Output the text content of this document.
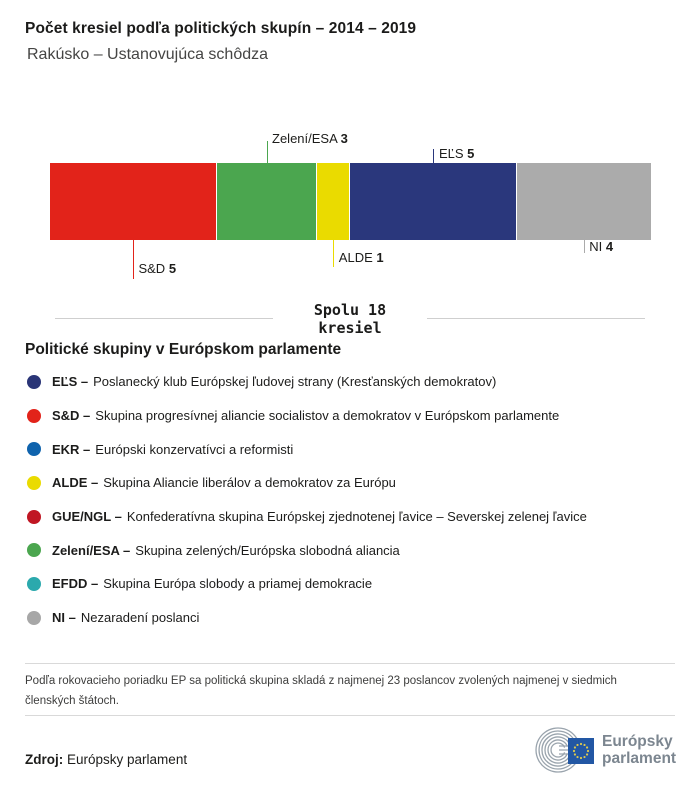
Počet kresiel podľa politických skupín – 2014 – 2019
Rakúsko – Ustanovujúca schôdza
S&D 5
Zelení/ESA 3
ALDE 1
EĽS 5
NI 4
Spolu 18
kresiel
Politické skupiny v Európskom parlamente
EĽS – Poslanecký klub Európskej ľudovej strany (Kresťanských demokratov)
S&D – Skupina progresívnej aliancie socialistov a demokratov v Európskom parlamente
EKR – Európski konzervatívci a reformisti
ALDE – Skupina Aliancie liberálov a demokratov za Európu
GUE/NGL – Konfederatívna skupina Európskej zjednotenej ľavice – Severskej zelenej ľavice
Zelení/ESA – Skupina zelených/Európska slobodná aliancia
EFDD – Skupina Európa slobody a priamej demokracie
NI – Nezaradení poslanci
Podľa rokovacieho poriadku EP sa politická skupina skladá z najmenej 23 poslancov zvolených najmenej v siedmich členských štátoch.
Zdroj: Európsky parlament
Európsky
parlament
